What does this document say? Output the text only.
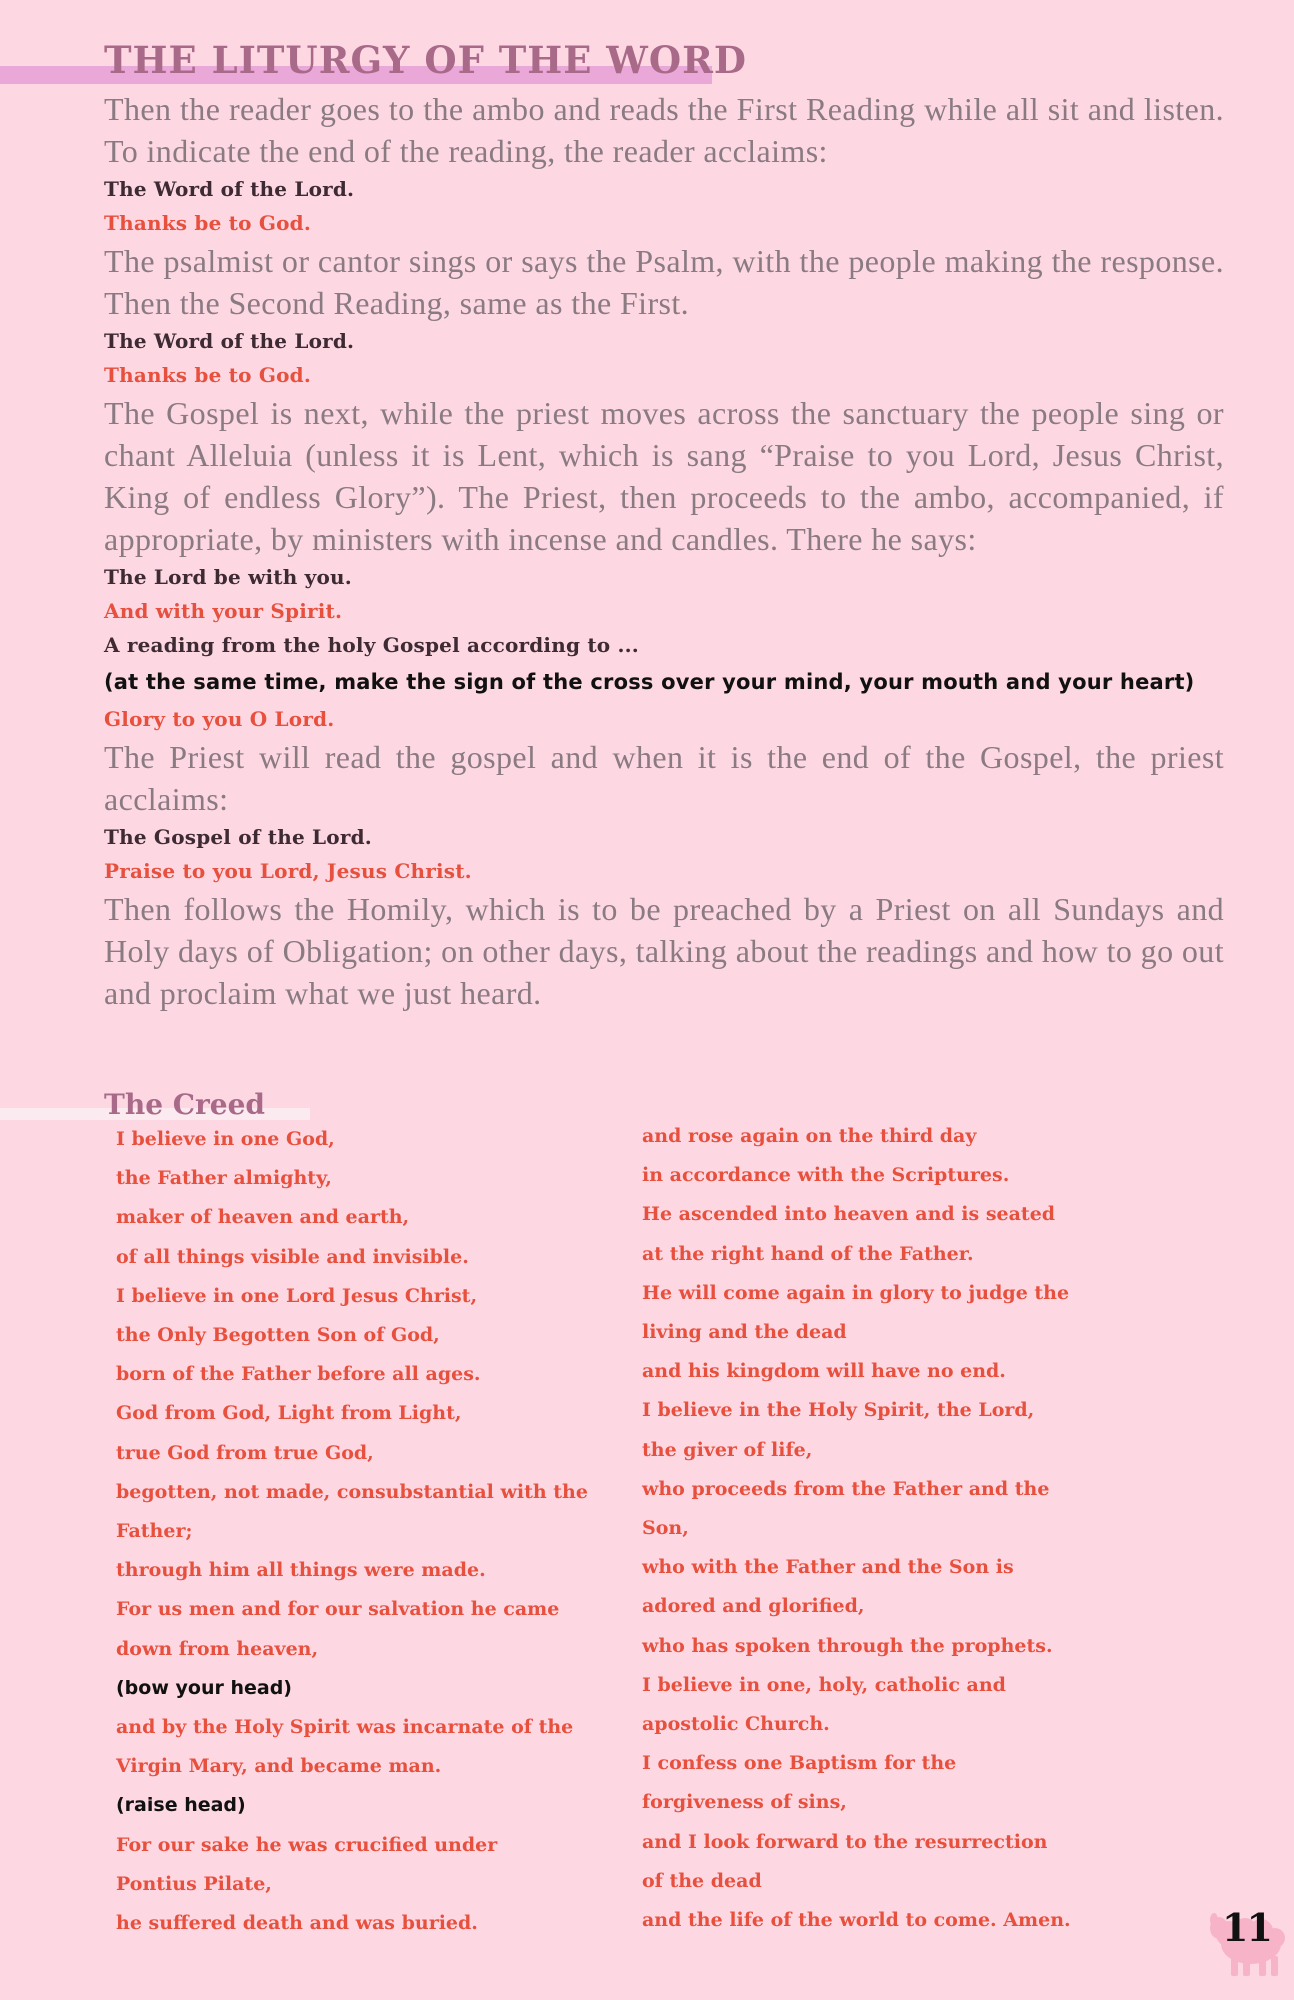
THE LITURGY OF THE WORD

Then the reader goes to the ambo and reads the First Reading while all sit and listen. To indicate the end of the reading, the reader acclaims:

The Word of the Lord.

Thanks be to God.

The psalmist or cantor sings or says the Psalm, with the people making the response. Then the Second Reading, same as the First.

The Word of the Lord.

Thanks be to God.

The Gospel is next, while the priest moves across the sanctuary the people sing or chant Alleluia (unless it is Lent, which is sang “Praise to you Lord, Jesus Christ, King of endless Glory”). The Priest, then proceeds to the ambo, accompanied, if appropriate, by ministers with incense and candles. There he says:

The Lord be with you.

And with your Spirit.

A reading from the holy Gospel according to ...

(at the same time, make the sign of the cross over your mind, your mouth and your heart)

Glory to you O Lord.

The Priest will read the gospel and when it is the end of the Gospel, the priest acclaims:

The Gospel of the Lord.

Praise to you Lord, Jesus Christ.

Then follows the Homily, which is to be preached by a Priest on all Sundays and Holy days of Obligation; on other days, talking about the readings and how to go out and proclaim what we just heard.

The Creed
I believe in one God,
the Father almighty,
maker of heaven and earth,
of all things visible and invisible.
I believe in one Lord Jesus Christ,
the Only Begotten Son of God,
born of the Father before all ages.
God from God, Light from Light,
true God from true God,
begotten, not made, consubstantial with the
Father;
through him all things were made.
For us men and for our salvation he came
down from heaven,
(bow your head)
and by the Holy Spirit was incarnate of the
Virgin Mary, and became man.
(raise head)
For our sake he was crucified under
Pontius Pilate,
he suffered death and was buried.
and rose again on the third day
in accordance with the Scriptures.
He ascended into heaven and is seated
at the right hand of the Father.
He will come again in glory to judge the
living and the dead
and his kingdom will have no end.
I believe in the Holy Spirit, the Lord,
the giver of life,
who proceeds from the Father and the
Son,
who with the Father and the Son is
adored and glorified,
who has spoken through the prophets.
I believe in one, holy, catholic and
apostolic Church.
I confess one Baptism for the
forgiveness of sins,
and I look forward to the resurrection
of the dead
and the life of the world to come. Amen.	11
